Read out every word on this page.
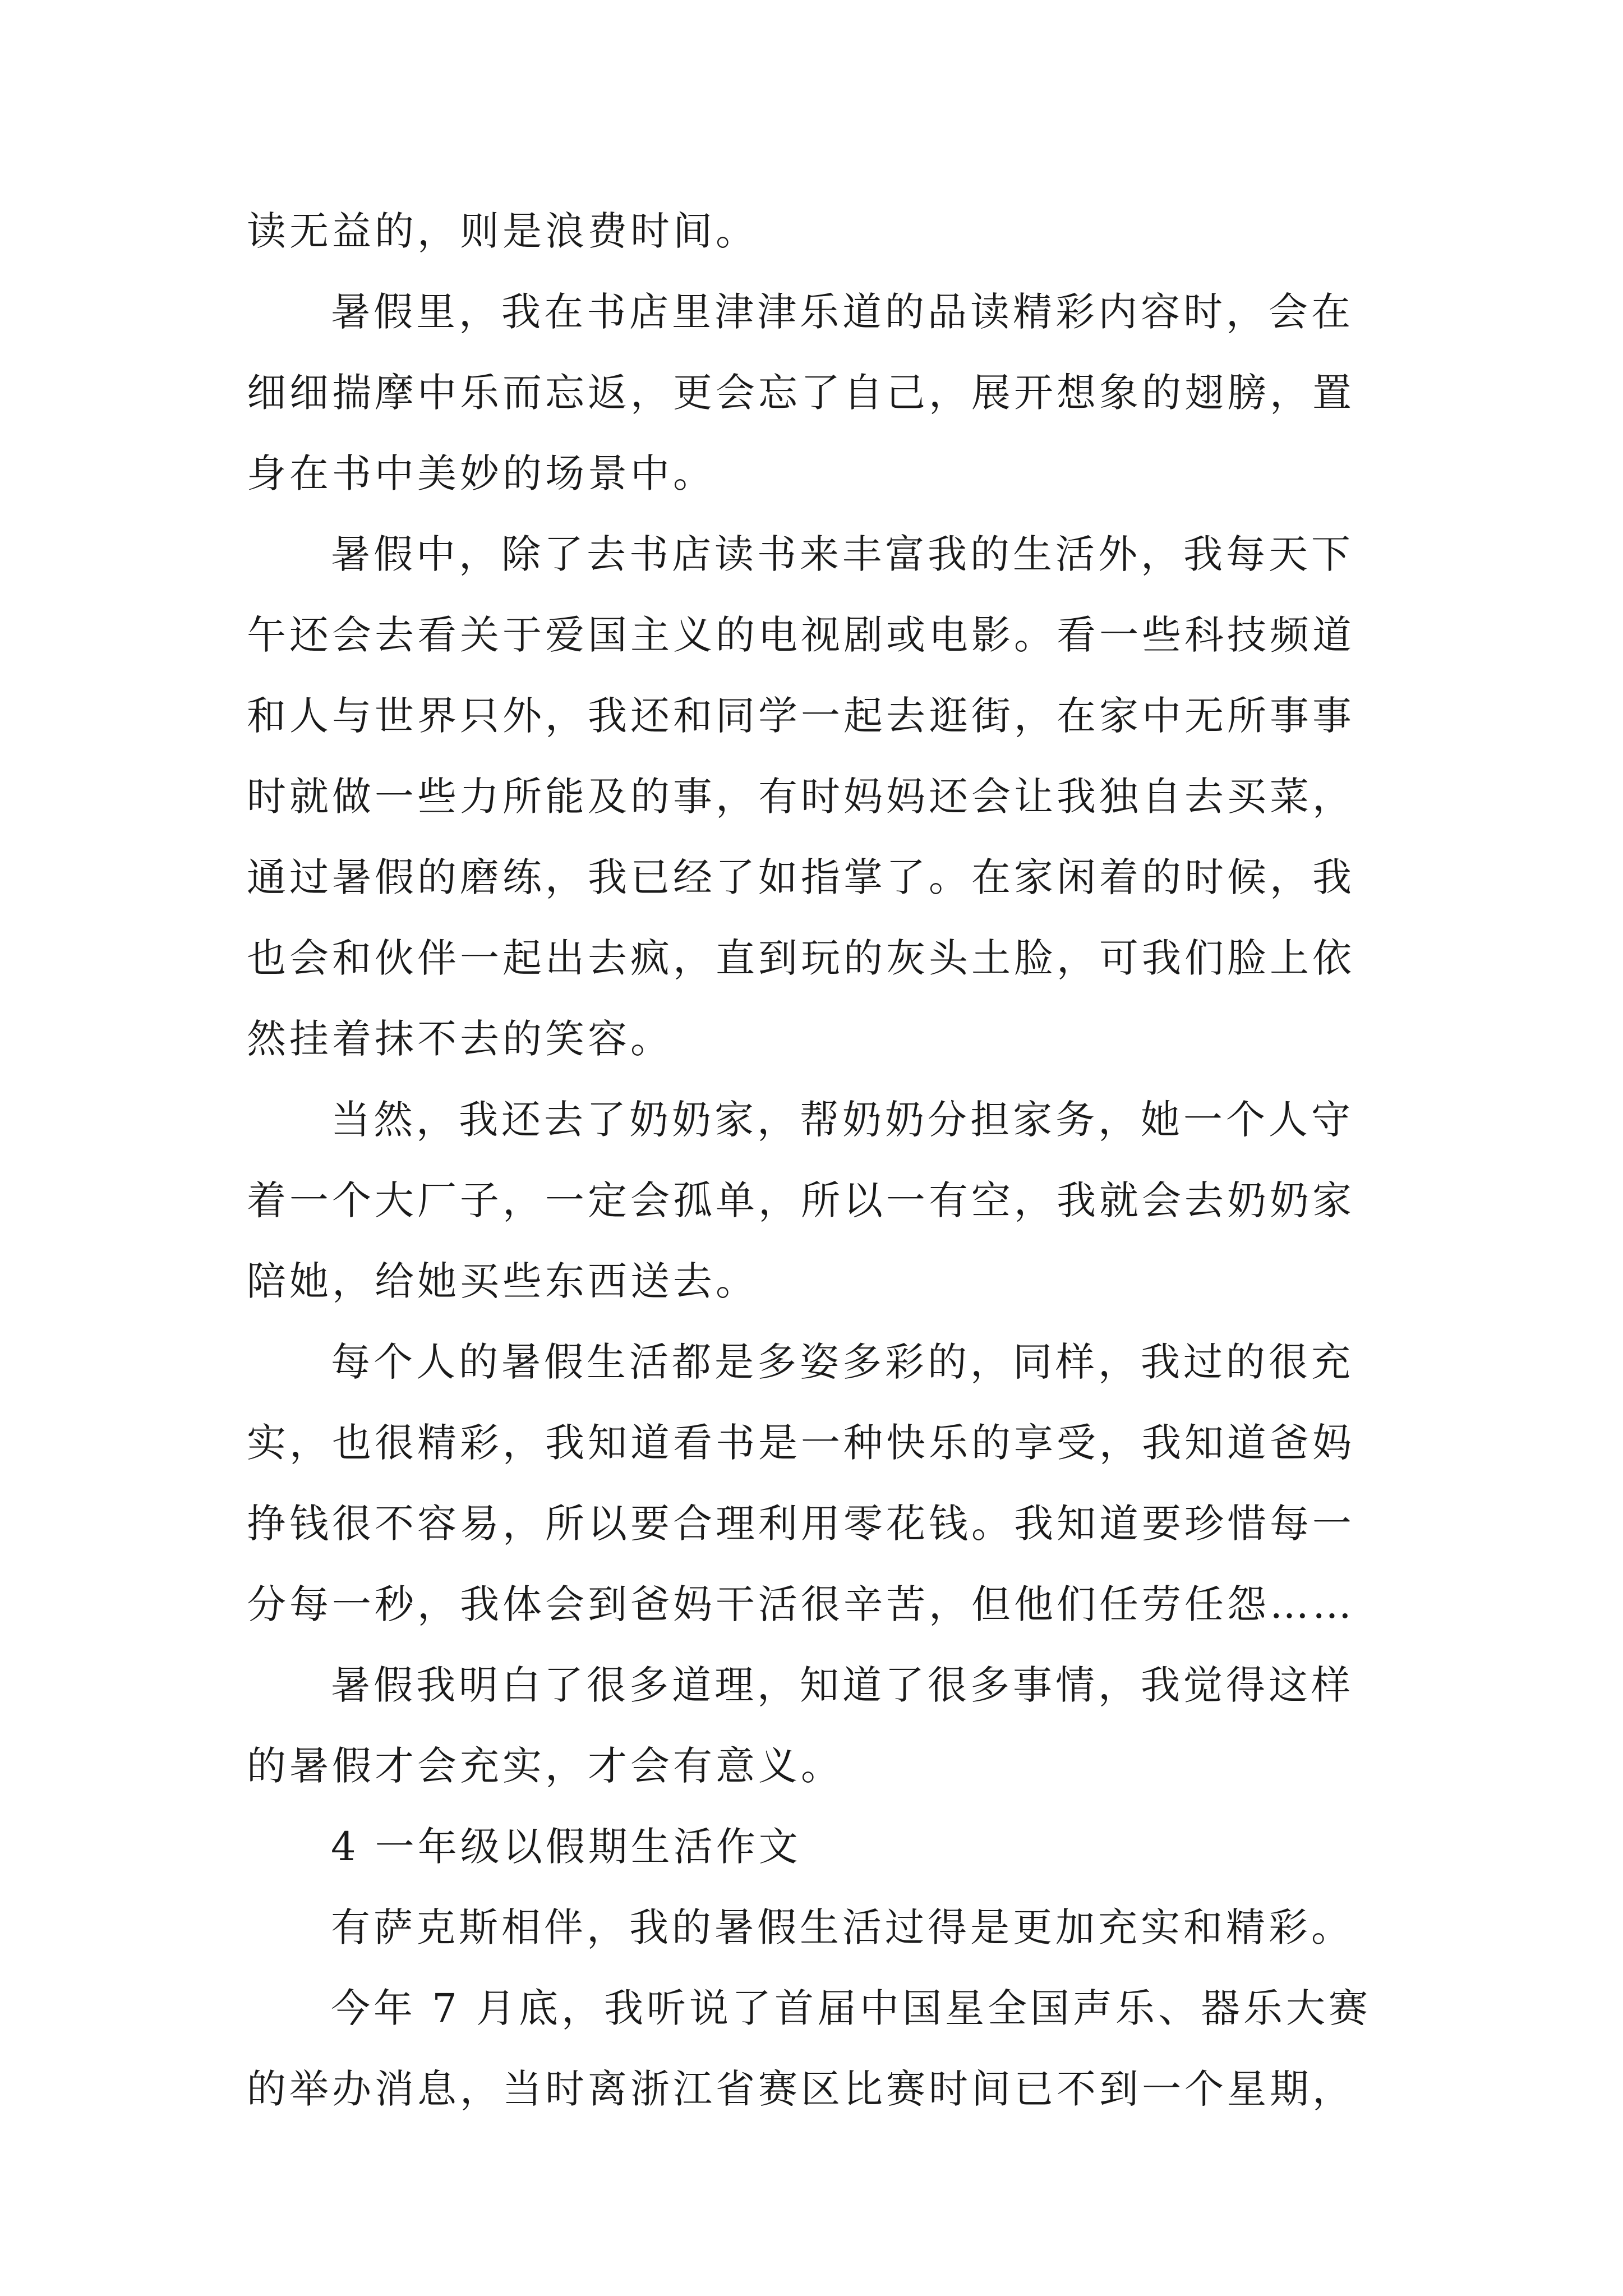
读无益的，则是浪费时间。
暑假里，我在书店里津津乐道的品读精彩内容时，会在
细细揣摩中乐而忘返，更会忘了自己，展开想象的翅膀，置
身在书中美妙的场景中。
暑假中，除了去书店读书来丰富我的生活外，我每天下
午还会去看关于爱国主义的电视剧或电影。看一些科技频道
和人与世界只外，我还和同学一起去逛街，在家中无所事事
时就做一些力所能及的事，有时妈妈还会让我独自去买菜，
通过暑假的磨练，我已经了如指掌了。在家闲着的时候，我
也会和伙伴一起出去疯，直到玩的灰头土脸，可我们脸上依
然挂着抹不去的笑容。
当然，我还去了奶奶家，帮奶奶分担家务，她一个人守
着一个大厂子，一定会孤单，所以一有空，我就会去奶奶家
陪她，给她买些东西送去。
每个人的暑假生活都是多姿多彩的，同样，我过的很充
实，也很精彩，我知道看书是一种快乐的享受，我知道爸妈
挣钱很不容易，所以要合理利用零花钱。我知道要珍惜每一
分每一秒，我体会到爸妈干活很辛苦，但他们任劳任怨……
暑假我明白了很多道理，知道了很多事情，我觉得这样
的暑假才会充实，才会有意义。
4 一年级以假期生活作文
有萨克斯相伴，我的暑假生活过得是更加充实和精彩。
今年 7 月底，我听说了首届中国星全国声乐、器乐大赛
的举办消息，当时离浙江省赛区比赛时间已不到一个星期，
